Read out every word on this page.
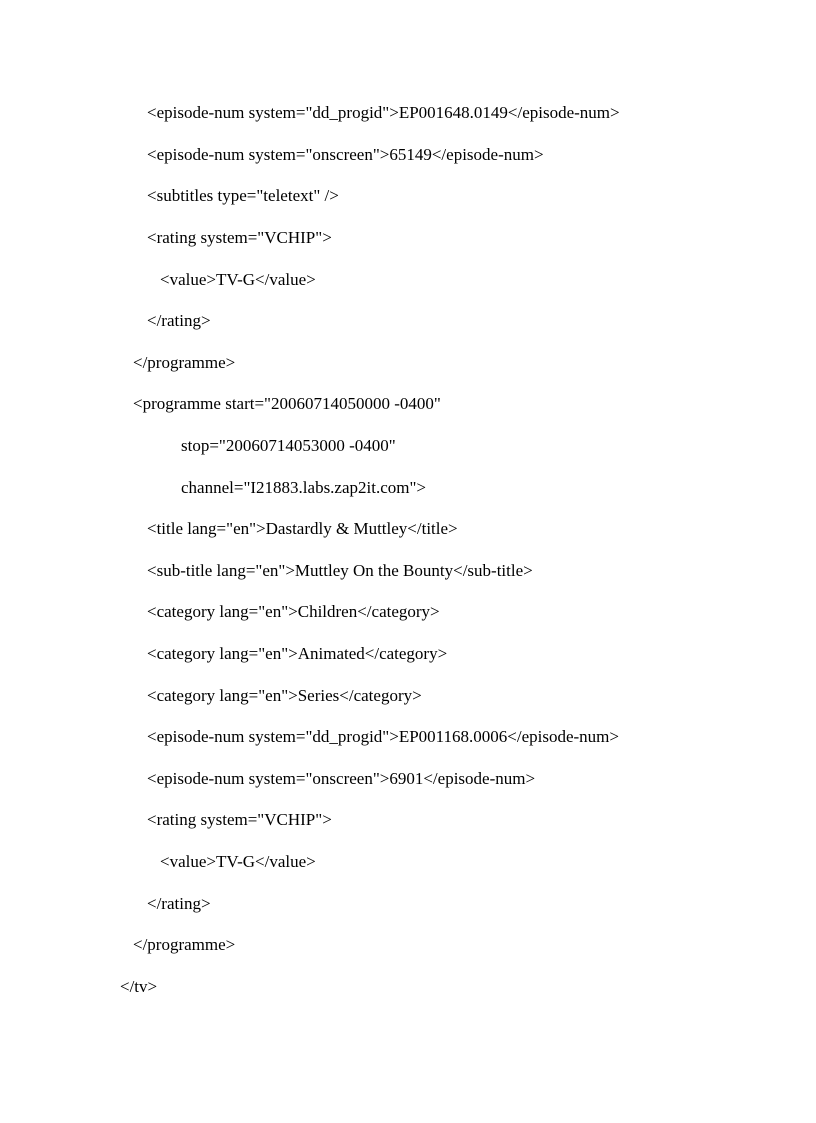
<episode-num system="dd_progid">EP001648.0149</episode-num>
<episode-num system="onscreen">65149</episode-num>
<subtitles type="teletext" />
<rating system="VCHIP">
<value>TV-G</value>
</rating>
</programme>
<programme start="20060714050000 -0400"
stop="20060714053000 -0400"
channel="I21883.labs.zap2it.com">
<title lang="en">Dastardly & Muttley</title>
<sub-title lang="en">Muttley On the Bounty</sub-title>
<category lang="en">Children</category>
<category lang="en">Animated</category>
<category lang="en">Series</category>
<episode-num system="dd_progid">EP001168.0006</episode-num>
<episode-num system="onscreen">6901</episode-num>
<rating system="VCHIP">
<value>TV-G</value>
</rating>
</programme>
</tv>
